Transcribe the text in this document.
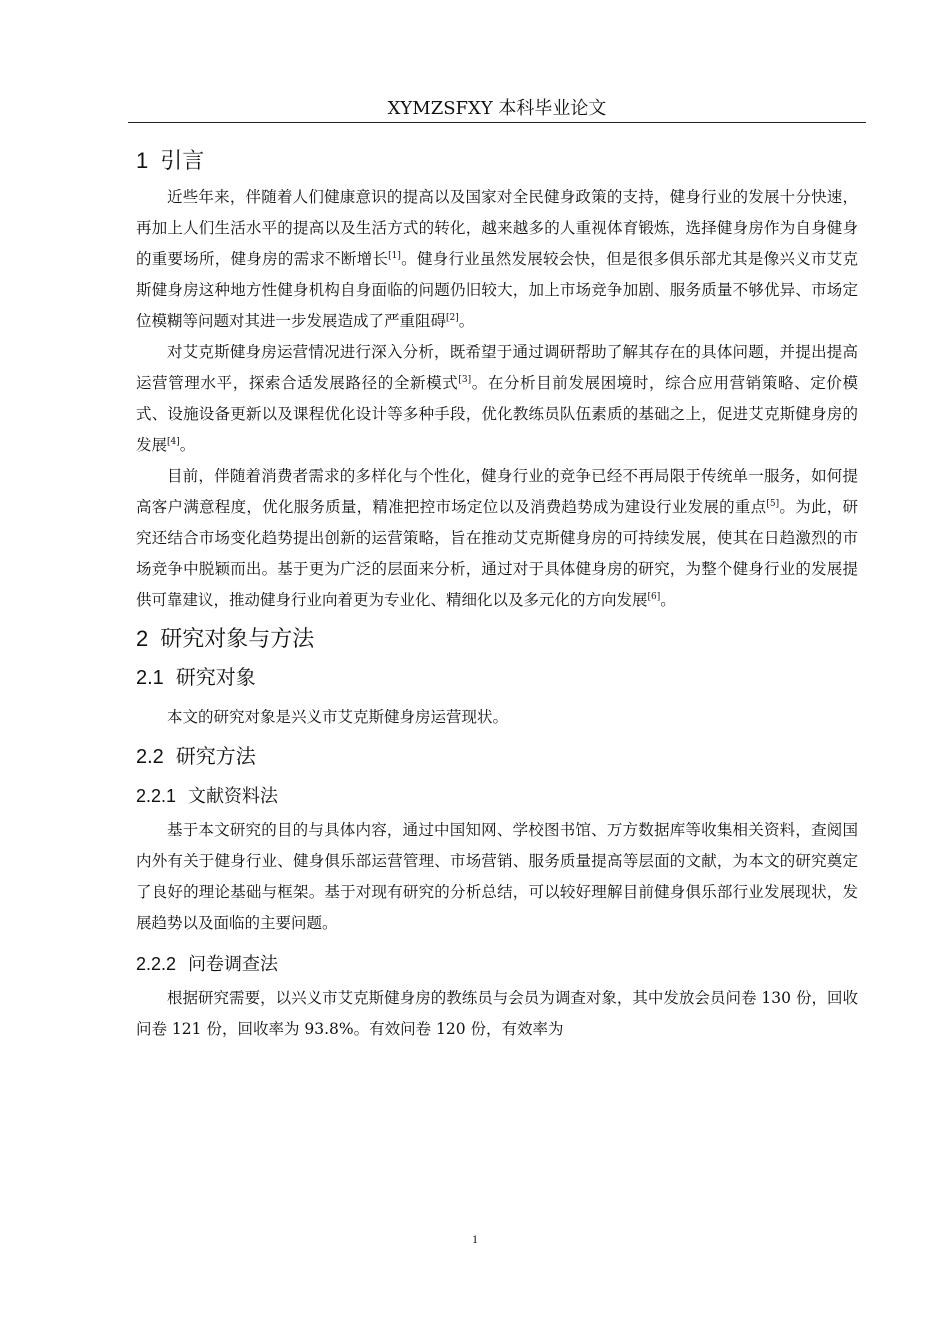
XYMZSFXY 本科毕业论文
1 引言

近些年来，伴随着人们健康意识的提高以及国家对全民健身政策的支持，健身行业的发展十分快速，再加上人们生活水平的提高以及生活方式的转化，越来越多的人重视体育锻炼，选择健身房作为自身健身的重要场所，健身房的需求不断增长[1]。健身行业虽然发展较会快，但是很多俱乐部尤其是像兴义市艾克斯健身房这种地方性健身机构自身面临的问题仍旧较大，加上市场竞争加剧、服务质量不够优异、市场定位模糊等问题对其进一步发展造成了严重阻碍[2]。

对艾克斯健身房运营情况进行深入分析，既希望于通过调研帮助了解其存在的具体问题，并提出提高运营管理水平，探索合适发展路径的全新模式[3]。在分析目前发展困境时，综合应用营销策略、定价模式、设施设备更新以及课程优化设计等多种手段，优化教练员队伍素质的基础之上，促进艾克斯健身房的发展[4]。

目前，伴随着消费者需求的多样化与个性化，健身行业的竞争已经不再局限于传统单一服务，如何提高客户满意程度，优化服务质量，精准把控市场定位以及消费趋势成为建设行业发展的重点[5]。为此，研究还结合市场变化趋势提出创新的运营策略，旨在推动艾克斯健身房的可持续发展，使其在日趋激烈的市场竞争中脱颖而出。基于更为广泛的层面来分析，通过对于具体健身房的研究，为整个健身行业的发展提供可靠建议，推动健身行业向着更为专业化、精细化以及多元化的方向发展[6]。

2 研究对象与方法
2.1 研究对象

本文的研究对象是兴义市艾克斯健身房运营现状。

2.2 研究方法
2.2.1 文献资料法

基于本文研究的目的与具体内容，通过中国知网、学校图书馆、万方数据库等收集相关资料，查阅国内外有关于健身行业、健身俱乐部运营管理、市场营销、服务质量提高等层面的文献，为本文的研究奠定了良好的理论基础与框架。基于对现有研究的分析总结，可以较好理解目前健身俱乐部行业发展现状，发展趋势以及面临的主要问题。

2.2.2 问卷调查法

根据研究需要，以兴义市艾克斯健身房的教练员与会员为调查对象，其中发放会员问卷 130 份，回收问卷 121 份，回收率为 93.8%。有效问卷 120 份，有效率为

1
